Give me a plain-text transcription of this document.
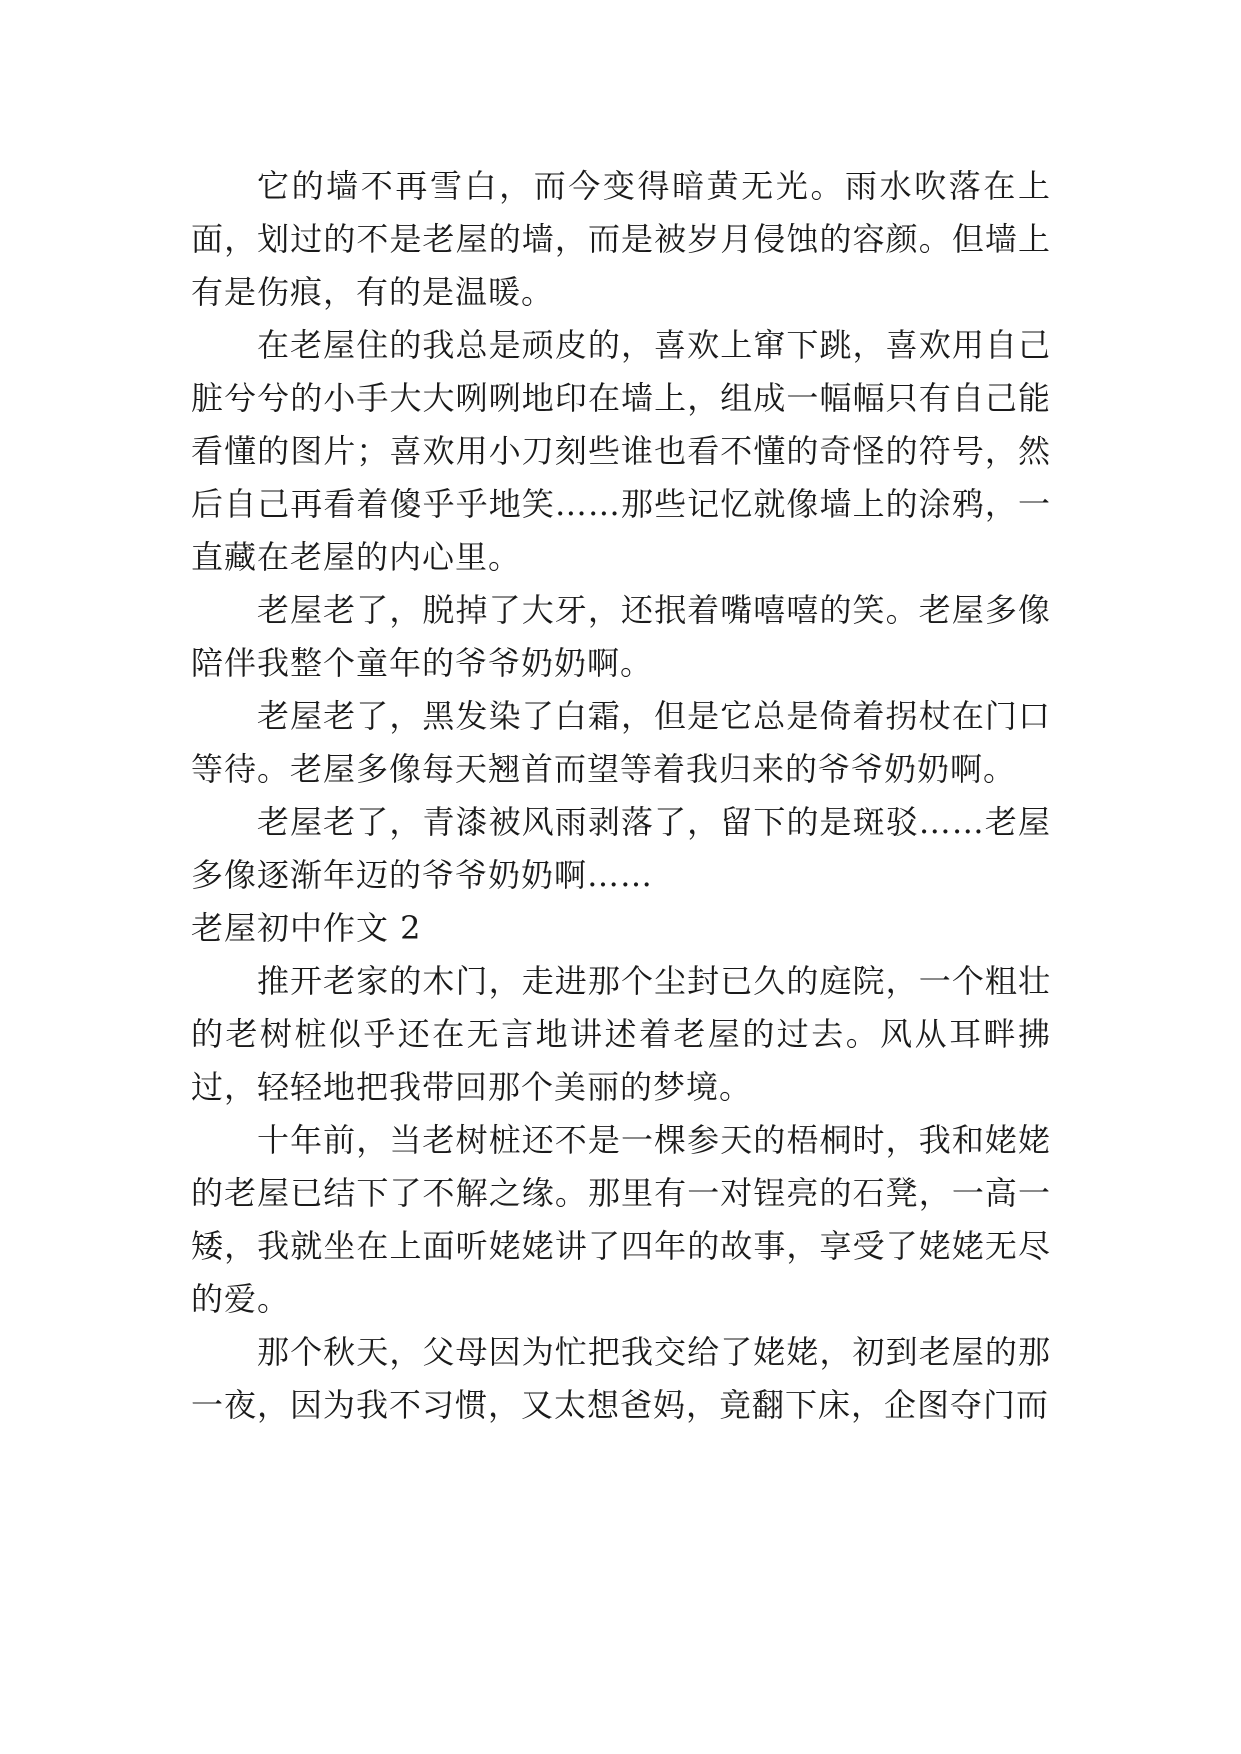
它的墙不再雪白，而今变得暗黄无光。雨水吹落在上面，划过的不是老屋的墙，而是被岁月侵蚀的容颜。但墙上有是伤痕，有的是温暖。

在老屋住的我总是顽皮的，喜欢上窜下跳，喜欢用自己脏兮兮的小手大大咧咧地印在墙上，组成一幅幅只有自己能看懂的图片；喜欢用小刀刻些谁也看不懂的奇怪的符号，然后自己再看着傻乎乎地笑……那些记忆就像墙上的涂鸦，一直藏在老屋的内心里。

老屋老了，脱掉了大牙，还抿着嘴嘻嘻的笑。老屋多像陪伴我整个童年的爷爷奶奶啊。

老屋老了，黑发染了白霜，但是它总是倚着拐杖在门口等待。老屋多像每天翘首而望等着我归来的爷爷奶奶啊。

老屋老了，青漆被风雨剥落了，留下的是斑驳……老屋多像逐渐年迈的爷爷奶奶啊……

老屋初中作文 2

推开老家的木门，走进那个尘封已久的庭院，一个粗壮的老树桩似乎还在无言地讲述着老屋的过去。风从耳畔拂过，轻轻地把我带回那个美丽的梦境。

十年前，当老树桩还不是一棵参天的梧桐时，我和姥姥的老屋已结下了不解之缘。那里有一对锃亮的石凳，一高一矮，我就坐在上面听姥姥讲了四年的故事，享受了姥姥无尽的爱。

那个秋天，父母因为忙把我交给了姥姥，初到老屋的那一夜，因为我不习惯，又太想爸妈，竟翻下床，企图夺门而
